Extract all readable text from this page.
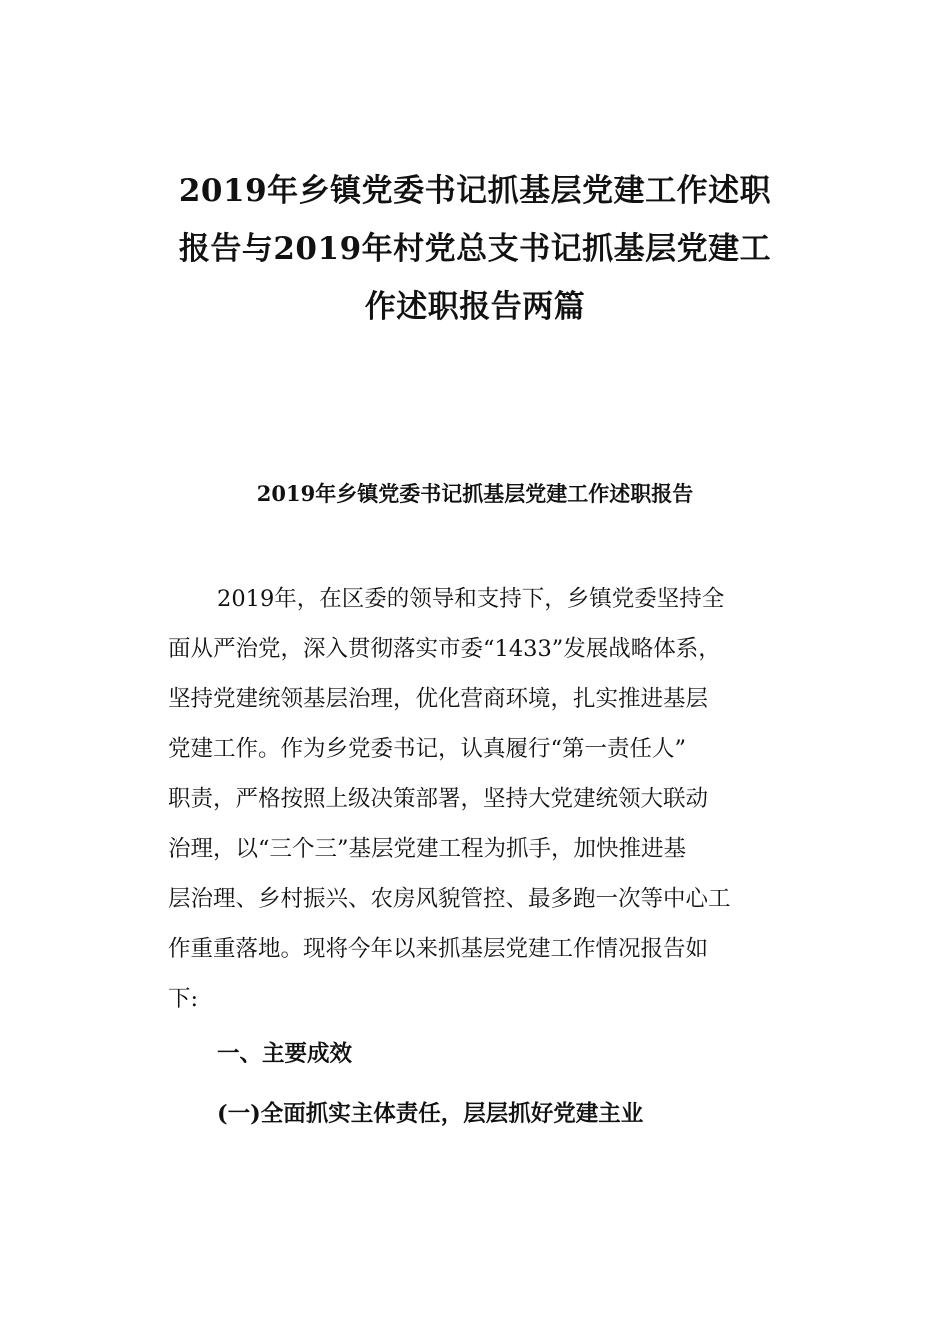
2019年乡镇党委书记抓基层党建工作述职
报告与2019年村党总支书记抓基层党建工
作述职报告两篇
2019年乡镇党委书记抓基层党建工作述职报告
2019年，在区委的领导和支持下，乡镇党委坚持全
面从严治党，深入贯彻落实市委“1433”发展战略体系，
坚持党建统领基层治理，优化营商环境，扎实推进基层
党建工作。作为乡党委书记，认真履行“第一责任人”
职责，严格按照上级决策部署，坚持大党建统领大联动
治理，以“三个三”基层党建工程为抓手，加快推进基
层治理、乡村振兴、农房风貌管控、最多跑一次等中心工
作重重落地。现将今年以来抓基层党建工作情况报告如
下:
一、主要成效
(一)全面抓实主体责任，层层抓好党建主业
